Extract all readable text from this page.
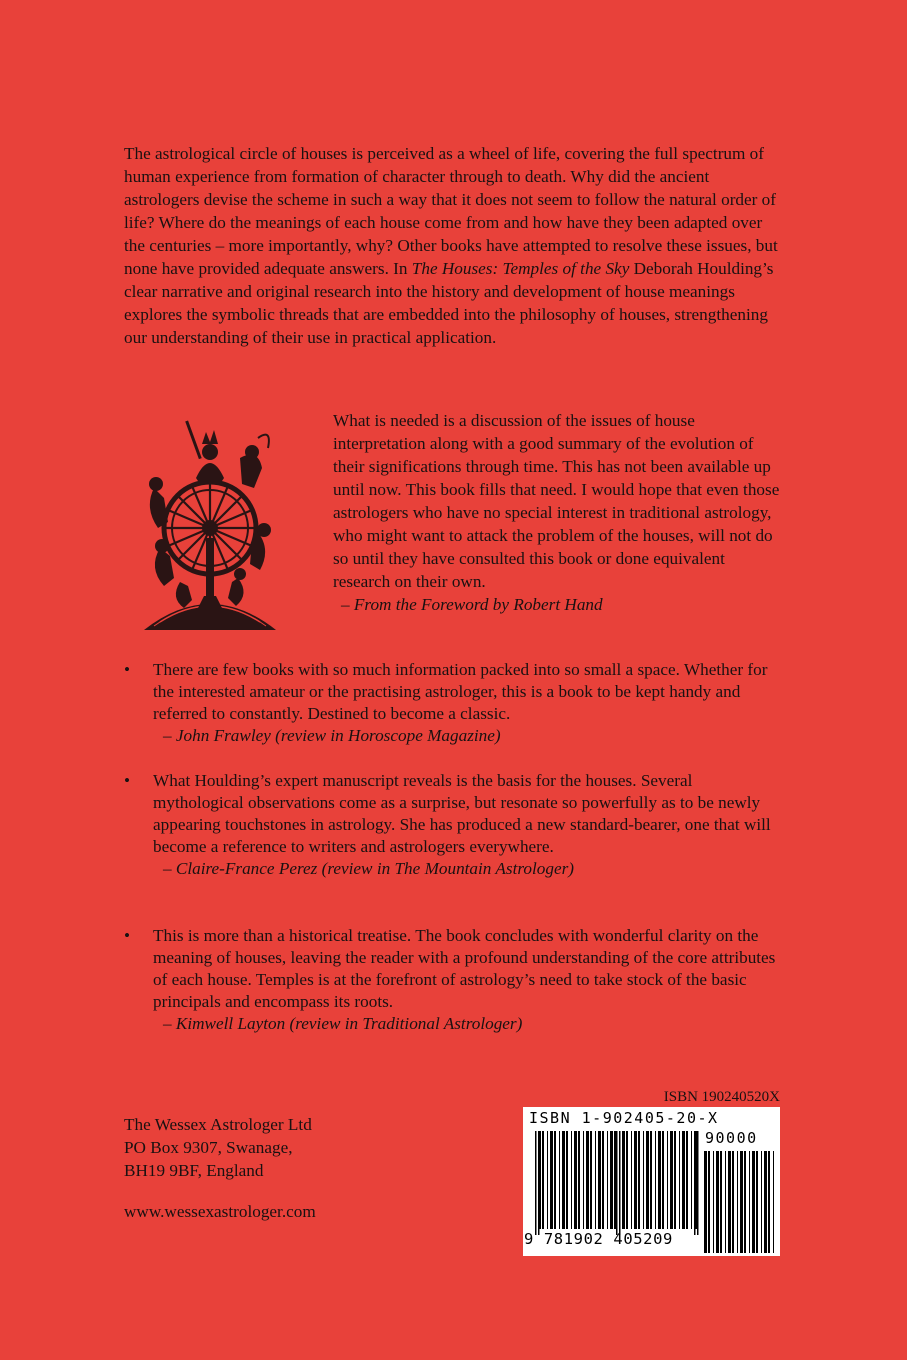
The astrological circle of houses is perceived as a wheel of life, covering the full spectrum of human experience from formation of character through to death. Why did the ancient astrologers devise the scheme in such a way that it does not seem to follow the natural order of life? Where do the meanings of each house come from and how have they been adapted over the centuries – more importantly, why? Other books have attempted to resolve these issues, but none have provided adequate answers. In The Houses: Temples of the Sky Deborah Houlding’s clear narrative and original research into the history and development of house meanings explores the symbolic threads that are embedded into the philosophy of houses, strengthening our understanding of their use in practical application.
What is needed is a discussion of the issues of house interpretation along with a good summary of the evolution of their significations through time. This has not been available up until now. This book fills that need. I would hope that even those astrologers who have no special interest in traditional astrology, who might want to attack the problem of the houses, will not do so until they have consulted this book or done equivalent research on their own.
– From the Foreword by Robert Hand
•	There are few books with so much information packed into so small a space. Whether for the interested amateur or the practising astrologer, this is a book to be kept handy and referred to constantly. Destined to become a classic.
– John Frawley (review in Horoscope Magazine)
•	What Houlding’s expert manuscript reveals is the basis for the houses. Several mythological observations come as a surprise, but resonate so powerfully as to be newly appearing touchstones in astrology. She has produced a new standard-bearer, one that will become a reference to writers and astrologers everywhere.
– Claire-France Perez (review in The Mountain Astrologer)
•	This is more than a historical treatise. The book concludes with wonderful clarity on the meaning of houses, leaving the reader with a profound understanding of the core attributes of each house. Temples is at the forefront of astrology’s need to take stock of the basic principals and encompass its roots.
– Kimwell Layton (review in Traditional Astrologer)
The Wessex Astrologer Ltd
PO Box 9307, Swanage,
BH19 9BF, England
www.wessexastrologer.com
ISBN 190240520X
ISBN 1-902405-20-X
90000
9 781902 405209
